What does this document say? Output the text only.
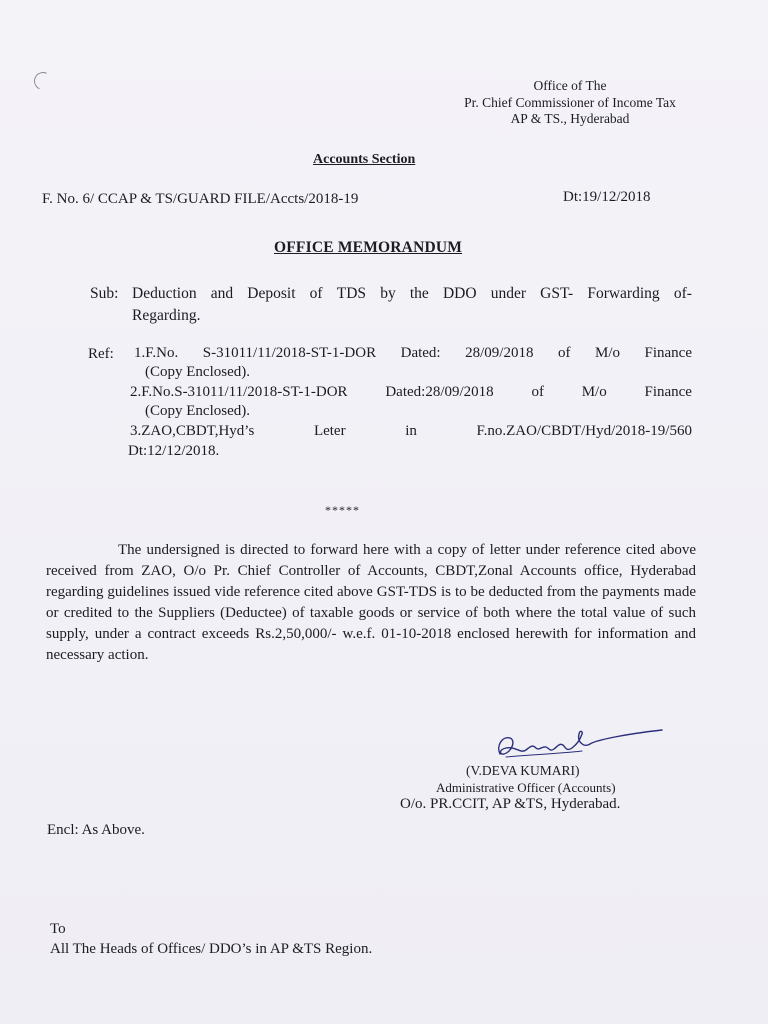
Office of The
Pr. Chief Commissioner of Income Tax
AP & TS., Hyderabad
Accounts Section
F. No. 6/ CCAP & TS/GUARD FILE/Accts/2018-19	Dt:19/12/2018
OFFICE MEMORANDUM
Sub: Deduction and Deposit of TDS by the DDO under GST- Forwarding of-
Regarding.
Ref: 1.F.No. S-31011/11/2018-ST-1-DOR Dated: 28/09/2018 of M/o Finance
(Copy Enclosed).
2.F.No.S-31011/11/2018-ST-1-DOR	Dated:28/09/2018	of	M/o	Finance
(Copy Enclosed).
3.ZAO,CBDT,Hyd’s	Leter	in	F.no.ZAO/CBDT/Hyd/2018-19/560
Dt:12/12/2018.
*****
The undersigned is directed to forward here with a copy of letter under reference cited above received from ZAO, O/o Pr. Chief Controller of Accounts, CBDT,Zonal Accounts office, Hyderabad regarding guidelines issued vide reference cited above GST-TDS is to be deducted from the payments made or credited to the Suppliers (Deductee) of taxable goods or service of both where the total value of such supply, under a contract exceeds Rs.2,50,000/- w.e.f. 01-10-2018 enclosed herewith for information and necessary action.
(V.DEVA KUMARI)
Administrative Officer (Accounts)
O/o. PR.CCIT, AP &TS, Hyderabad.
Encl: As Above.
To
All The Heads of Offices/ DDO’s in AP &TS Region.
